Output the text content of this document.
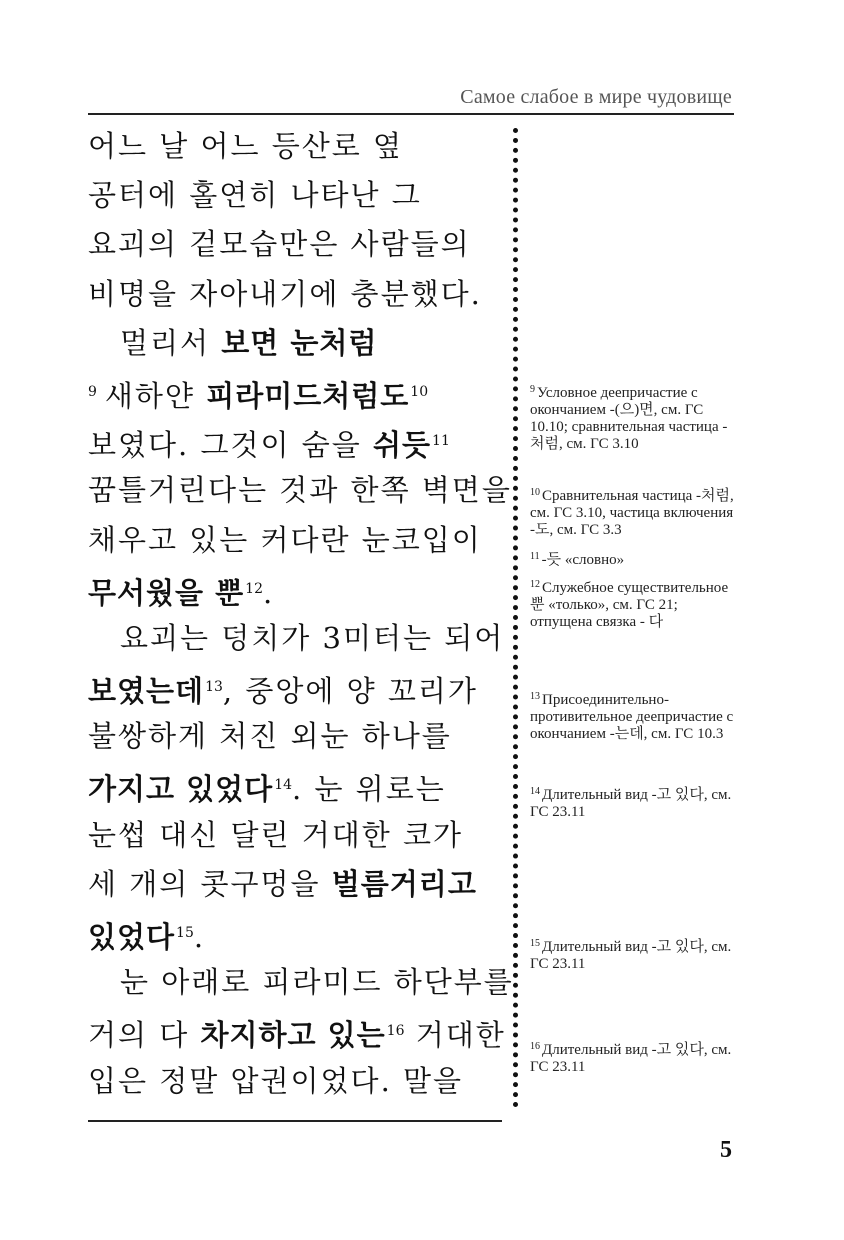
Самое слабое в мире чудовище
어느 날 어느 등산로 옆
공터에 홀연히 나타난 그
요괴의 겉모습만은 사람들의
비명을 자아내기에 충분했다.
멀리서 보면 눈처럼
$^9$ 새하얀 피라미드처럼도$^{10}$
보였다. 그것이 숨을 쉬듯$^{11}$
꿈틀거린다는 것과 한쪽 벽면을
채우고 있는 커다란 눈코입이
무서웠을 뿐$^{12}$.
요괴는 덩치가 3미터는 되어
보였는데$^{13}$, 중앙에 양 꼬리가
불쌍하게 처진 외눈 하나를
가지고 있었다$^{14}$. 눈 위로는
눈썹 대신 달린 거대한 코가
세 개의 콧구멍을 벌름거리고
있었다$^{15}$.
눈 아래로 피라미드 하단부를
거의 다 차지하고 있는$^{16}$ 거대한
입은 정말 압권이었다. 말을
$^9$ Условное деепричастие с окончанием -(으)면, см. ГС 10.10; сравнительная частица -처럼, см. ГС 3.10
$^{10}$ Сравнительная частица -처럼, см. ГС 3.10, частица включения -도, см. ГС 3.3
$^{11}$ -듯 «словно»
$^{12}$ Служебное существительное 뿐 «только», см. ГС 21; отпущена связка - 다
$^{13}$ Присоединительно-противительное деепричастие с окончанием -는데, см. ГС 10.3
$^{14}$ Длительный вид -고 있다, см. ГС 23.11
$^{15}$ Длительный вид -고 있다, см. ГС 23.11
$^{16}$ Длительный вид -고 있다, см. ГС 23.11
5
